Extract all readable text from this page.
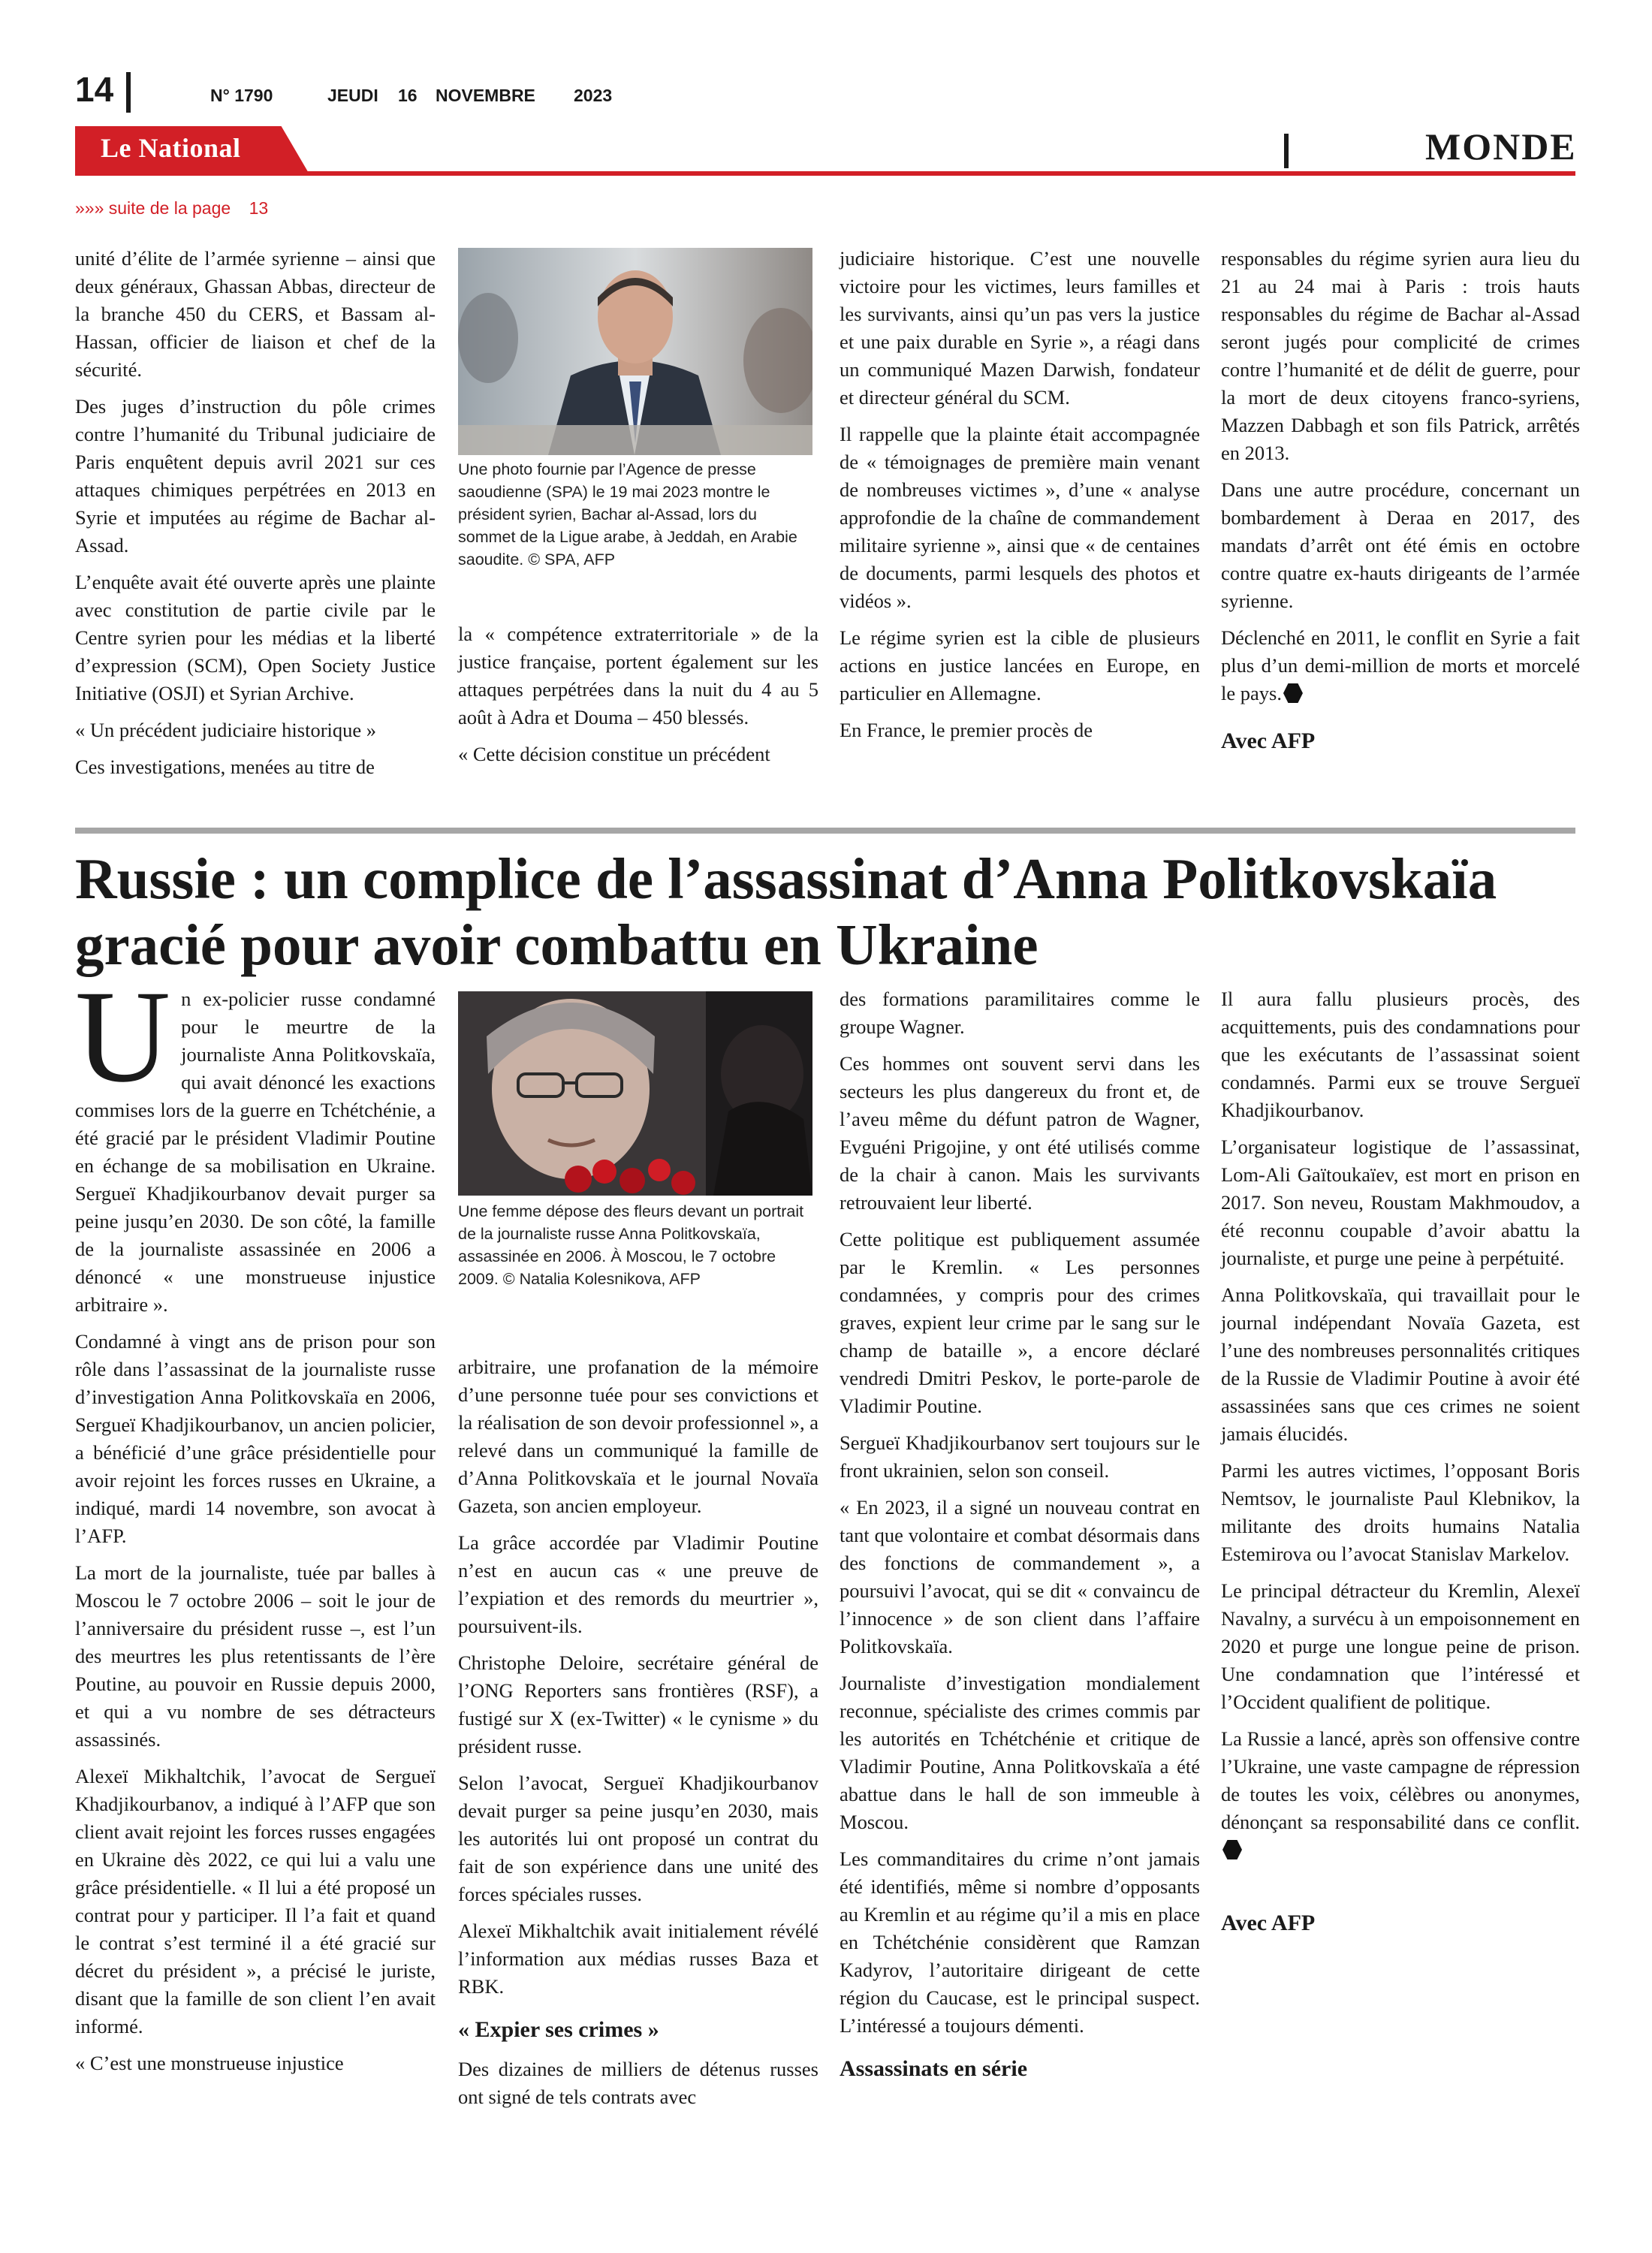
14	N° 1790	JEUDI 16 NOVEMBRE 2023
Le National	MONDE
»»» suite de la page 13

unité d’élite de l’armée syrienne – ainsi que deux généraux, Ghassan Abbas, directeur de la branche 450 du CERS, et Bassam al-Hassan, officier de liaison et chef de la sécurité.

Des juges d’instruction du pôle crimes contre l’humanité du Tribunal judiciaire de Paris enquêtent depuis avril 2021 sur ces attaques chimiques perpétrées en 2013 en Syrie et imputées au régime de Bachar al-Assad.

L’enquête avait été ouverte après une plainte avec constitution de partie civile par le Centre syrien pour les médias et la liberté d’expression (SCM), Open Society Justice Initiative (OSJI) et Syrian Archive.

« Un précédent judiciaire historique »

Ces investigations, menées au titre de

Une photo fournie par l’Agence de presse saoudienne (SPA) le 19 mai 2023 montre le président syrien, Bachar al-Assad, lors du sommet de la Ligue arabe, à Jeddah, en Arabie saoudite. © SPA, AFP

la « compétence extraterritoriale » de la justice française, portent également sur les attaques perpétrées dans la nuit du 4 au 5 août à Adra et Douma – 450 blessés.

« Cette décision constitue un précédent

judiciaire historique. C’est une nouvelle victoire pour les victimes, leurs familles et les survivants, ainsi qu’un pas vers la justice et une paix durable en Syrie », a réagi dans un communiqué Mazen Darwish, fondateur et directeur général du SCM.

Il rappelle que la plainte était accompagnée de « témoignages de première main venant de nombreuses victimes », d’une « analyse approfondie de la chaîne de commandement militaire syrienne », ainsi que « de centaines de documents, parmi lesquels des photos et vidéos ».

Le régime syrien est la cible de plusieurs actions en justice lancées en Europe, en particulier en Allemagne.

En France, le premier procès de

responsables du régime syrien aura lieu du 21 au 24 mai à Paris : trois hauts responsables du régime de Bachar al-Assad seront jugés pour complicité de crimes contre l’humanité et de délit de guerre, pour la mort de deux citoyens franco-syriens, Mazzen Dabbagh et son fils Patrick, arrêtés en 2013.

Dans une autre procédure, concernant un bombardement à Deraa en 2017, des mandats d’arrêt ont été émis en octobre contre quatre ex-hauts dirigeants de l’armée syrienne.

Déclenché en 2011, le conflit en Syrie a fait plus d’un demi-million de morts et morcelé le pays.

Avec AFP
Russie : un complice de l’assassinat d’Anna Politkovskaïa
gracié pour avoir combattu en Ukraine

Un ex-policier russe condamné pour le meurtre de la journaliste Anna Politkovskaïa, qui avait dénoncé les exactions commises lors de la guerre en Tchétchénie, a été gracié par le président Vladimir Poutine en échange de sa mobilisation en Ukraine. Sergueï Khadjikourbanov devait purger sa peine jusqu’en 2030. De son côté, la famille de la journaliste assassinée en 2006 a dénoncé « une monstrueuse injustice arbitraire ».

Condamné à vingt ans de prison pour son rôle dans l’assassinat de la journaliste russe d’investigation Anna Politkovskaïa en 2006, Sergueï Khadjikourbanov, un ancien policier, a bénéficié d’une grâce présidentielle pour avoir rejoint les forces russes en Ukraine, a indiqué, mardi 14 novembre, son avocat à l’AFP.

La mort de la journaliste, tuée par balles à Moscou le 7 octobre 2006 – soit le jour de l’anniversaire du président russe –, est l’un des meurtres les plus retentissants de l’ère Poutine, au pouvoir en Russie depuis 2000, et qui a vu nombre de ses détracteurs assassinés.

Alexeï Mikhaltchik, l’avocat de Sergueï Khadjikourbanov, a indiqué à l’AFP que son client avait rejoint les forces russes engagées en Ukraine dès 2022, ce qui lui a valu une grâce présidentielle. « Il lui a été proposé un contrat pour y participer. Il l’a fait et quand le contrat s’est terminé il a été gracié sur décret du président », a précisé le juriste, disant que la famille de son client l’en avait informé.

« C’est une monstrueuse injustice

Une femme dépose des fleurs devant un portrait de la journaliste russe Anna Politkovskaïa, assassinée en 2006. À Moscou, le 7 octobre 2009. © Natalia Kolesnikova, AFP

arbitraire, une profanation de la mémoire d’une personne tuée pour ses convictions et la réalisation de son devoir professionnel », a relevé dans un communiqué la famille de d’Anna Politkovskaïa et le journal Novaïa Gazeta, son ancien employeur.

La grâce accordée par Vladimir Poutine n’est en aucun cas « une preuve de l’expiation et des remords du meurtrier », poursuivent-ils.

Christophe Deloire, secrétaire général de l’ONG Reporters sans frontières (RSF), a fustigé sur X (ex-Twitter) « le cynisme » du président russe.

Selon l’avocat, Sergueï Khadjikourbanov devait purger sa peine jusqu’en 2030, mais les autorités lui ont proposé un contrat du fait de son expérience dans une unité des forces spéciales russes.

Alexeï Mikhaltchik avait initialement révélé l’information aux médias russes Baza et RBK.

« Expier ses crimes »

Des dizaines de milliers de détenus russes ont signé de tels contrats avec

des formations paramilitaires comme le groupe Wagner.

Ces hommes ont souvent servi dans les secteurs les plus dangereux du front et, de l’aveu même du défunt patron de Wagner, Evguéni Prigojine, y ont été utilisés comme de la chair à canon. Mais les survivants retrouvaient leur liberté.

Cette politique est publiquement assumée par le Kremlin. « Les personnes condamnées, y compris pour des crimes graves, expient leur crime par le sang sur le champ de bataille », a encore déclaré vendredi Dmitri Peskov, le porte-parole de Vladimir Poutine.

Sergueï Khadjikourbanov sert toujours sur le front ukrainien, selon son conseil.

« En 2023, il a signé un nouveau contrat en tant que volontaire et combat désormais dans des fonctions de commandement », a poursuivi l’avocat, qui se dit « convaincu de l’innocence » de son client dans l’affaire Politkovskaïa.

Journaliste d’investigation mondialement reconnue, spécialiste des crimes commis par les autorités en Tchétchénie et critique de Vladimir Poutine, Anna Politkovskaïa a été abattue dans le hall de son immeuble à Moscou.

Les commanditaires du crime n’ont jamais été identifiés, même si nombre d’opposants au Kremlin et au régime qu’il a mis en place en Tchétchénie considèrent que Ramzan Kadyrov, l’autoritaire dirigeant de cette région du Caucase, est le principal suspect. L’intéressé a toujours démenti.

Assassinats en série

Il aura fallu plusieurs procès, des acquittements, puis des condamnations pour que les exécutants de l’assassinat soient condamnés. Parmi eux se trouve Sergueï Khadjikourbanov.

L’organisateur logistique de l’assassinat, Lom-Ali Gaïtoukaïev, est mort en prison en 2017. Son neveu, Roustam Makhmoudov, a été reconnu coupable d’avoir abattu la journaliste, et purge une peine à perpétuité.

Anna Politkovskaïa, qui travaillait pour le journal indépendant Novaïa Gazeta, est l’une des nombreuses personnalités critiques de la Russie de Vladimir Poutine à avoir été assassinées sans que ces crimes ne soient jamais élucidés.

Parmi les autres victimes, l’opposant Boris Nemtsov, le journaliste Paul Klebnikov, la militante des droits humains Natalia Estemirova ou l’avocat Stanislav Markelov.

Le principal détracteur du Kremlin, Alexeï Navalny, a survécu à un empoisonnement en 2020 et purge une longue peine de prison. Une condamnation que l’intéressé et l’Occident qualifient de politique.

La Russie a lancé, après son offensive contre l’Ukraine, une vaste campagne de répression de toutes les voix, célèbres ou anonymes, dénonçant sa responsabilité dans ce conflit.

Avec AFP
